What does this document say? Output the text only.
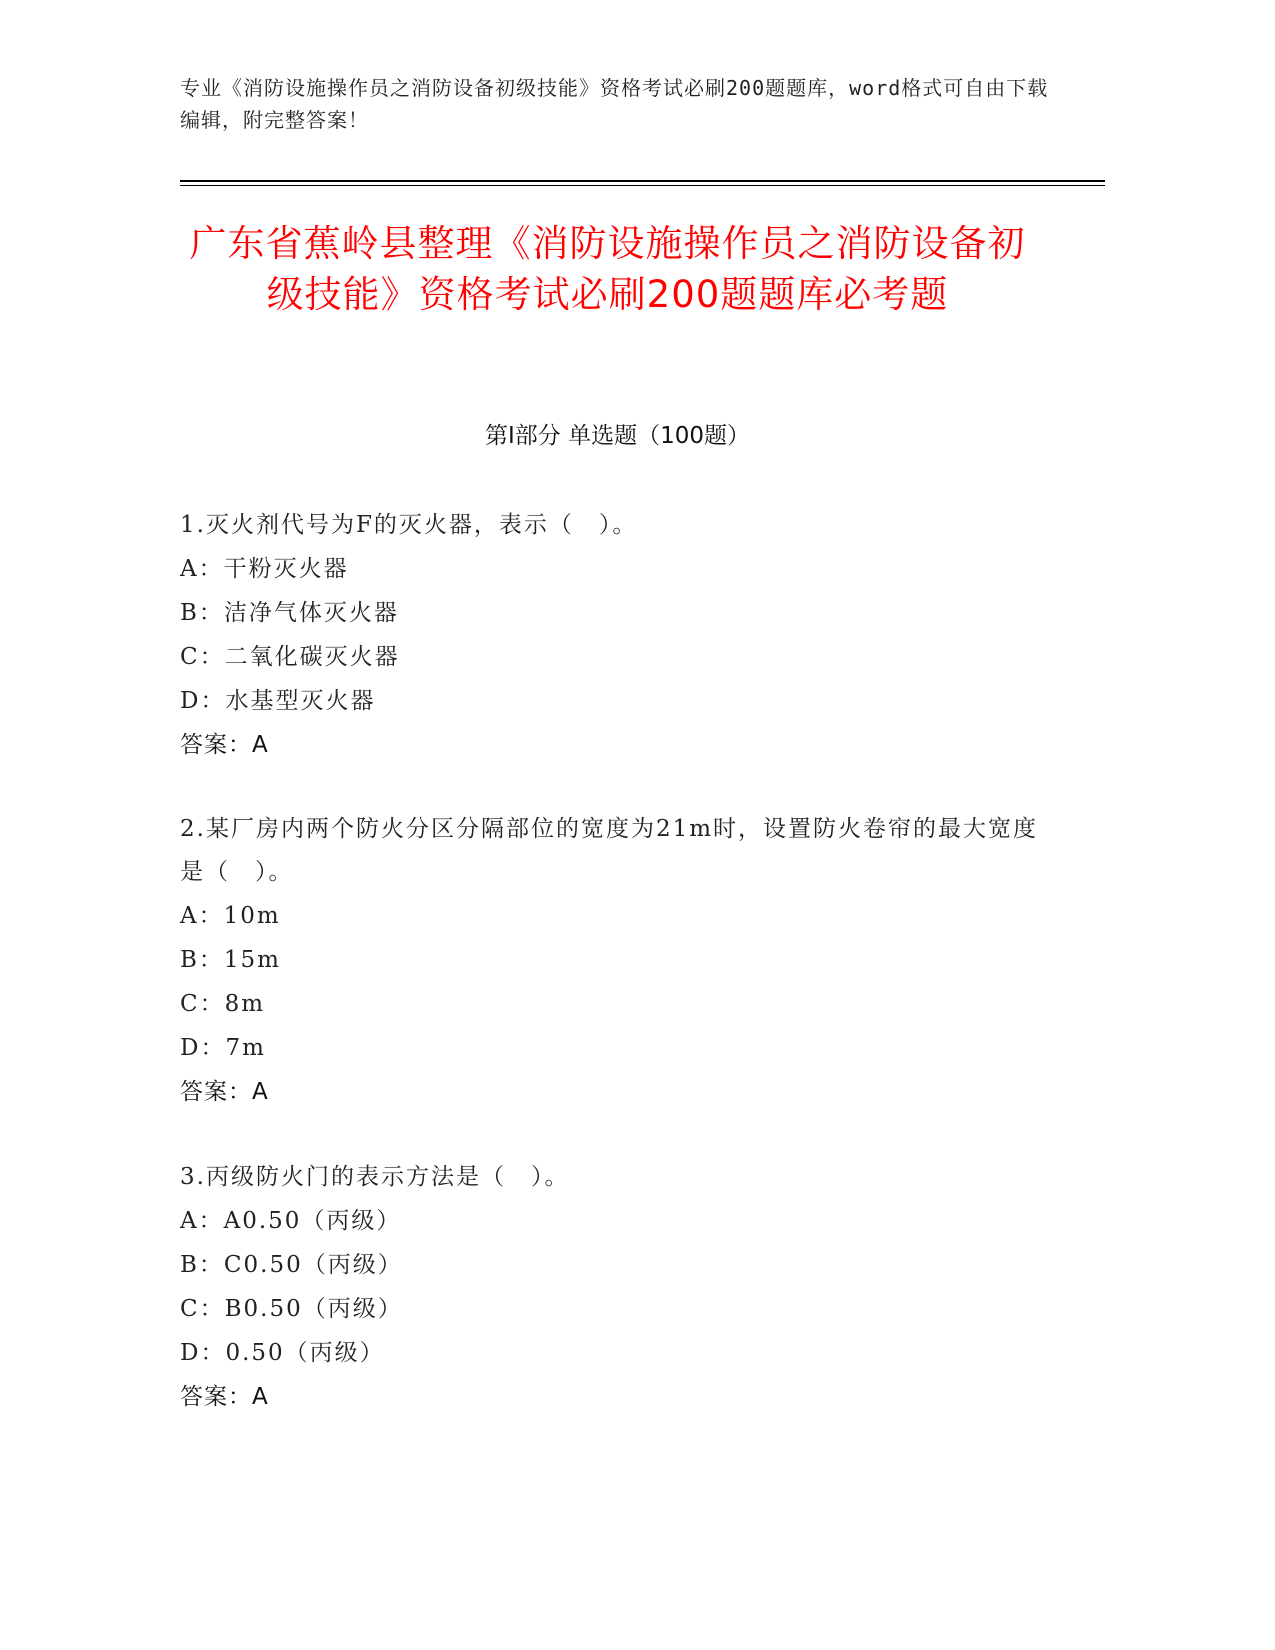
专业《消防设施操作员之消防设备初级技能》资格考试必刷200题题库，word格式可自由下载编辑，附完整答案！
广东省蕉岭县整理《消防设施操作员之消防设备初级技能》资格考试必刷200题题库必考题
第Ⅰ部分 单选题（100题）
1.灭火剂代号为F的灭火器，表示（　）。
A：干粉灭火器
B：洁净气体灭火器
C：二氧化碳灭火器
D：水基型灭火器
答案：A
2.某厂房内两个防火分区分隔部位的宽度为21m时，设置防火卷帘的最大宽度是（　）。
A：10m
B：15m
C：8m
D：7m
答案：A
3.丙级防火门的表示方法是（　）。
A：A0.50（丙级）
B：C0.50（丙级）
C：B0.50（丙级）
D：0.50（丙级）
答案：A
